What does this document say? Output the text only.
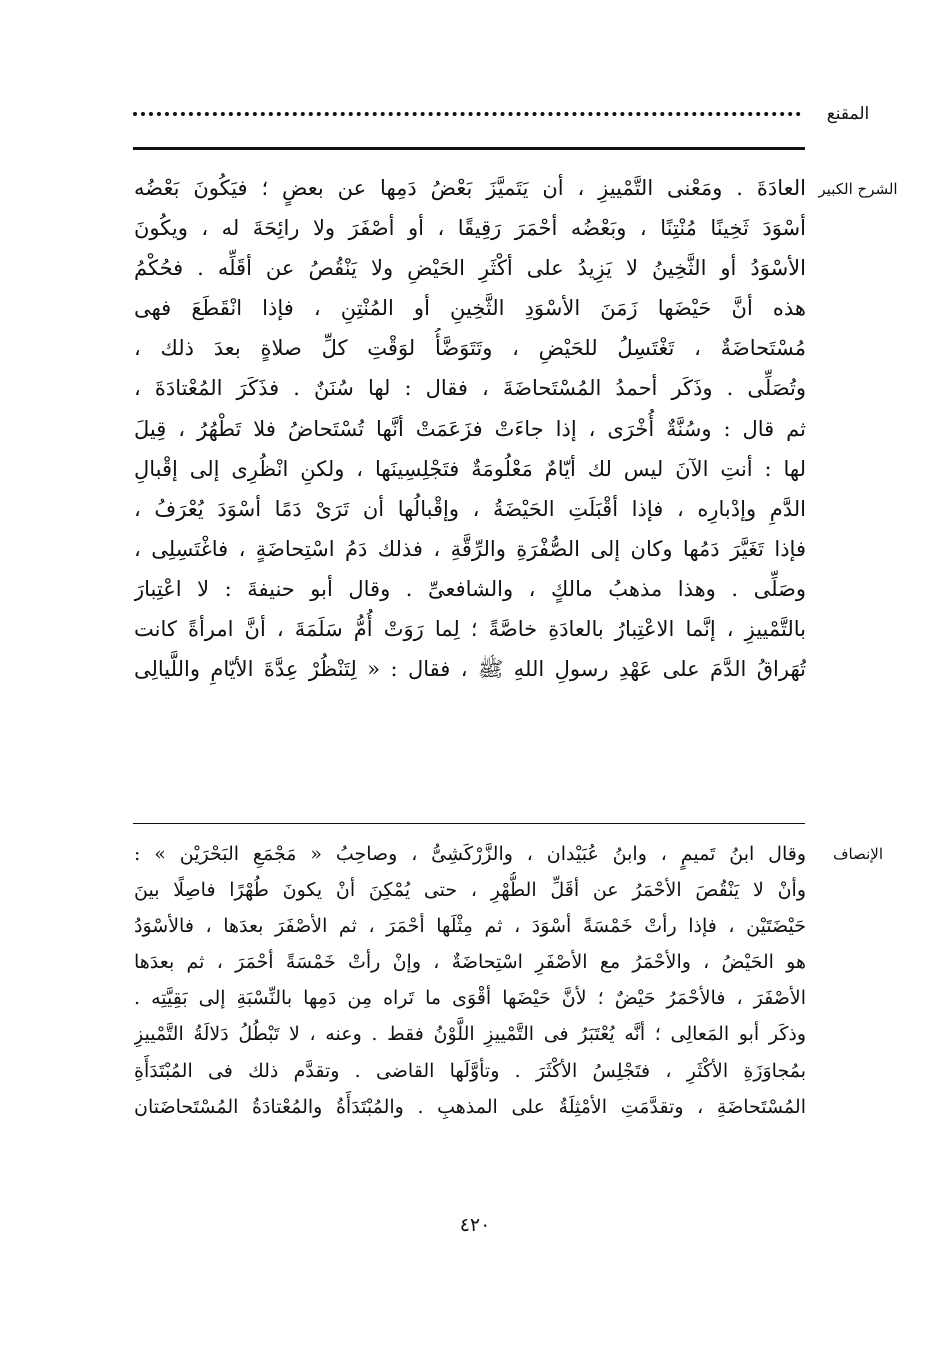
المقنع
الشرح الكبير
العادَةَ . ومَعْنى التَّمْييزِ ، أن يَتَميَّزَ بَعْضُ دَمِها عن بعضٍ ؛ فيَكُونَ بَعْضُه
أسْوَدَ ثَخِينًا مُنْتِنًا ، وبَعْضُه أحْمَرَ رَقِيقًا ، أو أصْفَرَ ولا رائِحَةَ له ، ويكُونَ
الأسْوَدُ أو الثَّخِينُ لا يَزِيدُ على أكْثَرِ الحَيْضِ ولا يَنْقُصُ عن أقَلِّه . فحُكْمُ
هذه أنَّ حَيْضَها زَمَنَ الأسْوَدِ الثَّخِينِ أو المُنْتِنِ ، فإذا انْقَطَعَ فهى
مُسْتَحاضَةٌ ، تَغْتَسِلُ للحَيْضِ ، وتَتَوَضَّأُ لوَقْتِ كلِّ صلاةٍ بعدَ ذلك ،
وتُصَلِّى . وذَكَر أحمدُ المُسْتَحاضَةَ ، فقال : لها سُنَنٌ . فذَكَرَ المُعْتادَةَ ،
ثم قال : وسُنَّةٌ أُخْرَى ، إذا جاءَتْ فزَعَمَتْ أنَّها تُسْتَحاضُ فلا تَطْهُرُ ، قِيلَ
لها : أنتِ الآنَ ليس لك أيّامٌ مَعْلُومَةٌ فتَجْلِسِينَها ، ولكنِ انْظُرِى إلى إقْبالِ
الدَّمِ وإدْبارِه ، فإذا أقْبَلَتِ الحَيْضَةُ ، وإقْبالُها أن تَرَىْ دَمًا أسْوَدَ يُعْرَفُ ،
فإذا تَغَيَّرَ دَمُها وكان إلى الصُّفْرَةِ والرِّقَّةِ ، فذلك دَمُ اسْتِحاضَةٍ ، فاغْتَسِلِى ،
وصَلِّى . وهذا مذهبُ مالكٍ ، والشافعىِّ . وقال أبو حنيفةَ : لا اعْتِبارَ
بالتَّمْييزِ ، إنَّما الاعْتِبارُ بالعادَةِ خاصَّةً ؛ لِما رَوَتْ أُمُّ سَلَمَةَ ، أنَّ امرأةً كانت
تُهَراقُ الدَّمَ على عَهْدِ رسولِ اللهِ ﷺ ، فقال : « لِتَنْظُرْ عِدَّةَ الأيّامِ واللَّيالِى
الإنصاف
وقال ابنُ تَميمٍ ، وابنُ عُبَيْدان ، والزَّرْكَشِىُّ ، وصاحِبُ « مَجْمَعِ البَحْرَيْن » :
وأنْ لا يَنْقُصَ الأحْمَرُ عن أقَلِّ الطُّهْرِ ، حتى يُمْكِنَ أنْ يكونَ طُهْرًا فاصِلًا بينَ
حَيْضَتَيْن ، فإذا رأتْ خَمْسَةً أسْوَدَ ، ثم مِثْلَها أحْمَرَ ، ثم الأصْفَرَ بعدَها ، فالأسْوَدُ
هو الحَيْضُ ، والأحْمَرُ مع الأصْفَرِ اسْتِحاضَةٌ ، وإنْ رأتْ خَمْسَةً أحْمَرَ ، ثم بعدَها
الأصْفَرَ ، فالأحْمَرُ حَيْضٌ ؛ لأنَّ حَيْضَها أقْوَى ما تَراه مِن دَمِها بالنِّسْبَةِ إلى بَقِيَّتِه .
وذكَر أبو المَعالِى ؛ أنَّه يُعْتَبَرُ فى التَّمْييزِ اللَّوْنُ فقط . وعنه ، لا تَبْطُلُ دَلالَةُ التَّمْييزِ
بمُجاوَزَةِ الأكْثَرِ ، فتَجْلِسُ الأكْثَرَ . وتأوَّلَها القاضى . وتقدَّم ذلك فى المُبْتَدَأَةِ
المُسْتَحاضَةِ ، وتقدَّمَتِ الأمْثِلَةُ على المذهبِ . والمُبْتَدَأَةُ والمُعْتادَةُ المُسْتَحاضَتان
٤٢٠
